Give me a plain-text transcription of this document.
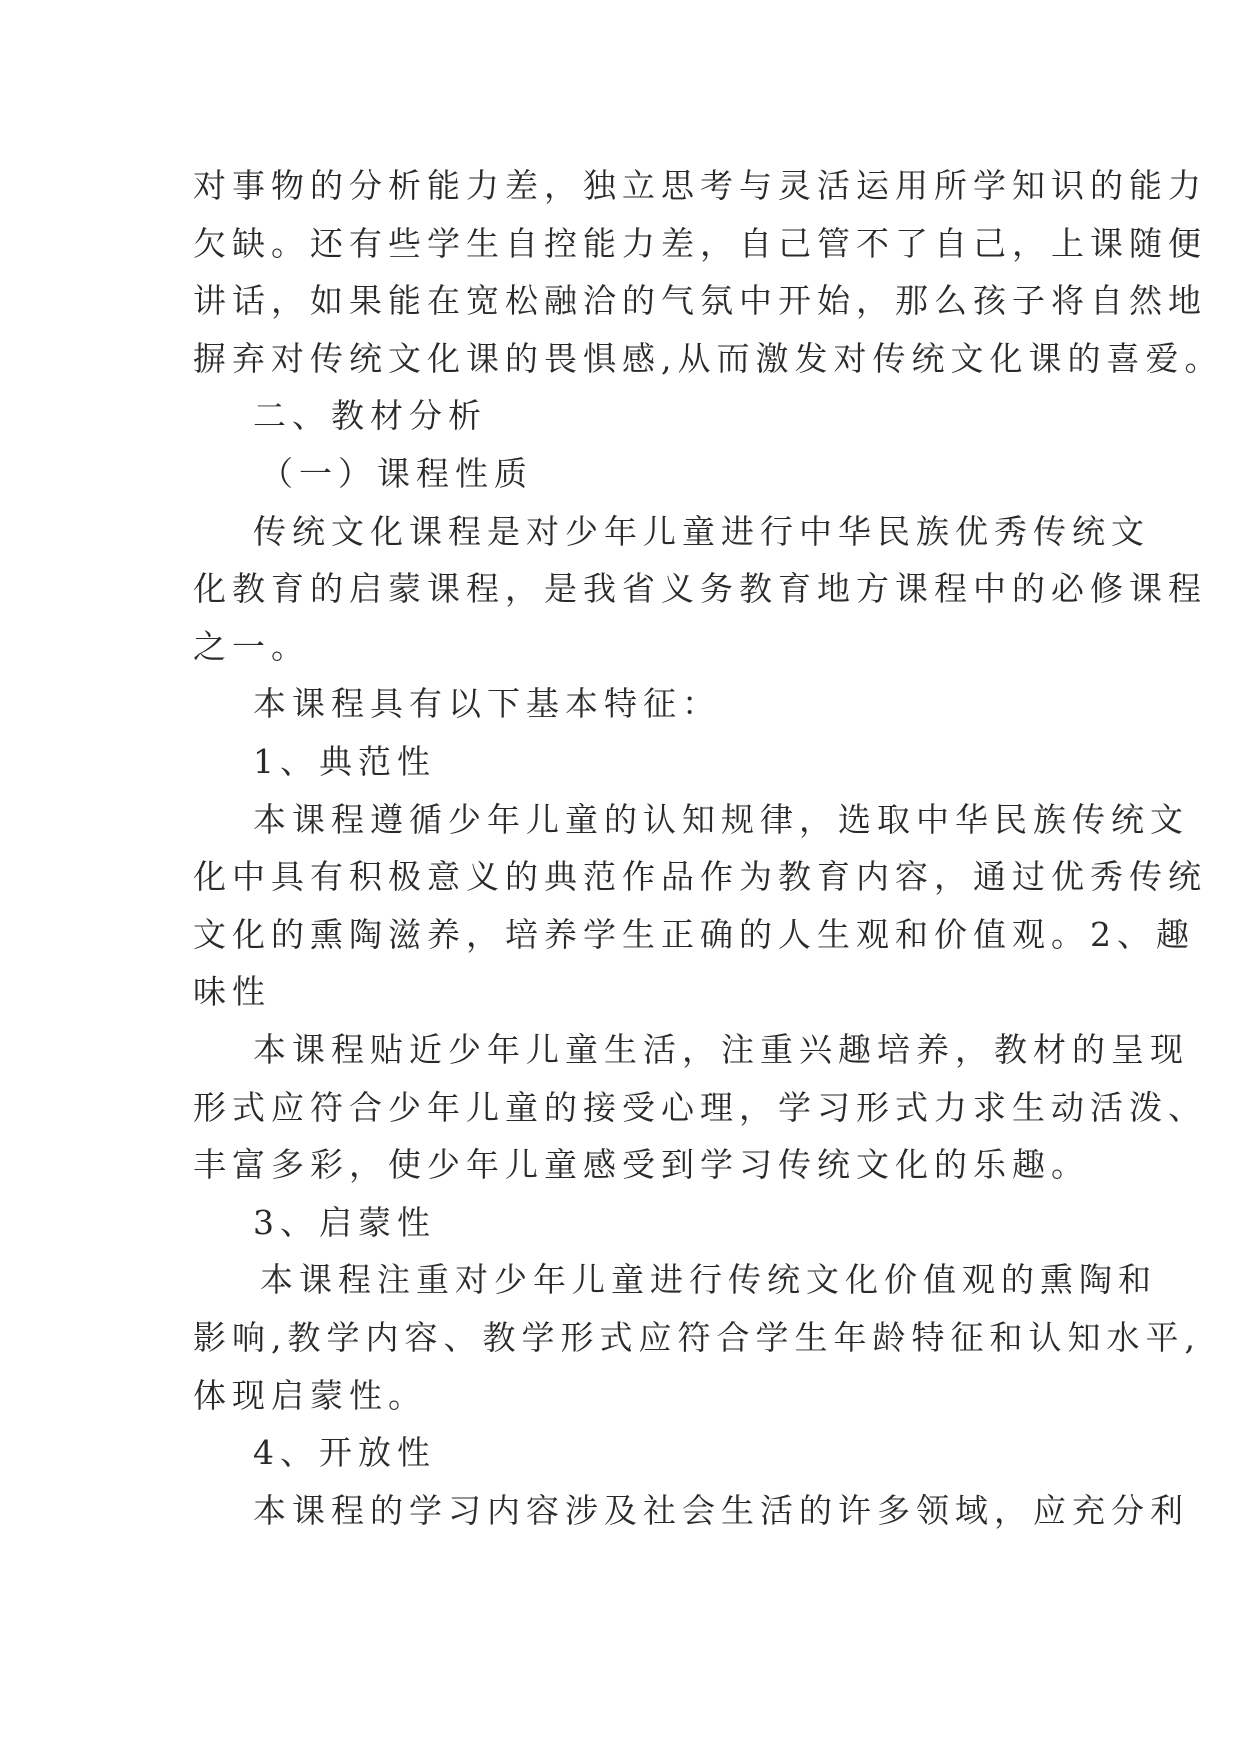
对事物的分析能力差，独立思考与灵活运用所学知识的能力
欠缺。还有些学生自控能力差，自己管不了自己，上课随便
讲话，如果能在宽松融洽的气氛中开始，那么孩子将自然地
摒弃对传统文化课的畏惧感,从而激发对传统文化课的喜爱。
二、教材分析
（一）课程性质
传统文化课程是对少年儿童进行中华民族优秀传统文
化教育的启蒙课程，是我省义务教育地方课程中的必修课程
之一。
本课程具有以下基本特征：
1、典范性
本课程遵循少年儿童的认知规律，选取中华民族传统文
化中具有积极意义的典范作品作为教育内容，通过优秀传统
文化的熏陶滋养，培养学生正确的人生观和价值观。2、趣
味性
本课程贴近少年儿童生活，注重兴趣培养，教材的呈现
形式应符合少年儿童的接受心理，学习形式力求生动活泼、
丰富多彩，使少年儿童感受到学习传统文化的乐趣。
3、启蒙性
本课程注重对少年儿童进行传统文化价值观的熏陶和
影响,教学内容、教学形式应符合学生年龄特征和认知水平,
体现启蒙性。
4、开放性
本课程的学习内容涉及社会生活的许多领域，应充分利
